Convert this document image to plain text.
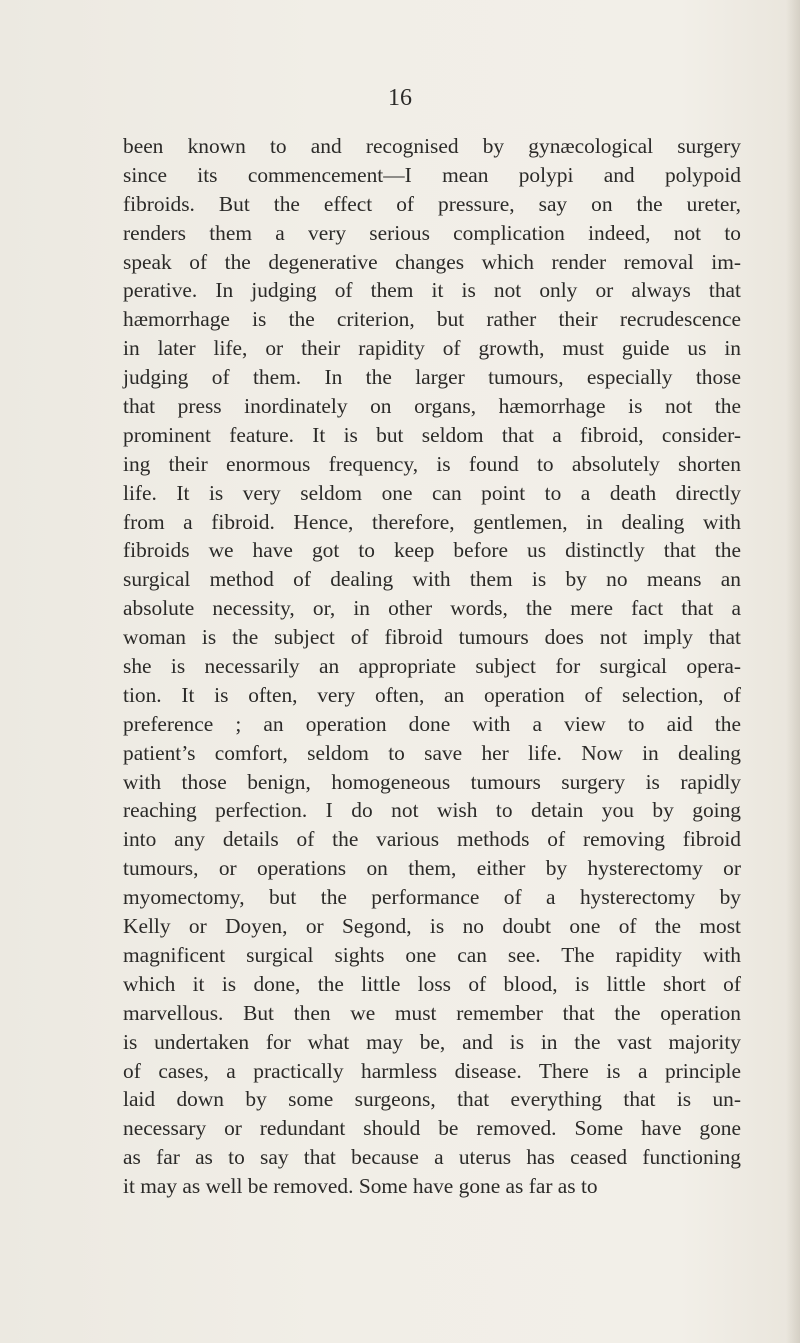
16
been known to and recognised by gynæcological surgery
since its commencement—I mean polypi and polypoid
fibroids. But the effect of pressure, say on the ureter,
renders them a very serious complication indeed, not to
speak of the degenerative changes which render removal im-
perative. In judging of them it is not only or always that
hæmorrhage is the criterion, but rather their recrudescence
in later life, or their rapidity of growth, must guide us in
judging of them. In the larger tumours, especially those
that press inordinately on organs, hæmorrhage is not the
prominent feature. It is but seldom that a fibroid, consider-
ing their enormous frequency, is found to absolutely shorten
life. It is very seldom one can point to a death directly
from a fibroid. Hence, therefore, gentlemen, in dealing with
fibroids we have got to keep before us distinctly that the
surgical method of dealing with them is by no means an
absolute necessity, or, in other words, the mere fact that a
woman is the subject of fibroid tumours does not imply that
she is necessarily an appropriate subject for surgical opera-
tion. It is often, very often, an operation of selection, of
preference ; an operation done with a view to aid the
patient’s comfort, seldom to save her life. Now in dealing
with those benign, homogeneous tumours surgery is rapidly
reaching perfection. I do not wish to detain you by going
into any details of the various methods of removing fibroid
tumours, or operations on them, either by hysterectomy or
myomectomy, but the performance of a hysterectomy by
Kelly or Doyen, or Segond, is no doubt one of the most
magnificent surgical sights one can see. The rapidity with
which it is done, the little loss of blood, is little short of
marvellous. But then we must remember that the operation
is undertaken for what may be, and is in the vast majority
of cases, a practically harmless disease. There is a principle
laid down by some surgeons, that everything that is un-
necessary or redundant should be removed. Some have gone
as far as to say that because a uterus has ceased functioning
it may as well be removed. Some have gone as far as to
